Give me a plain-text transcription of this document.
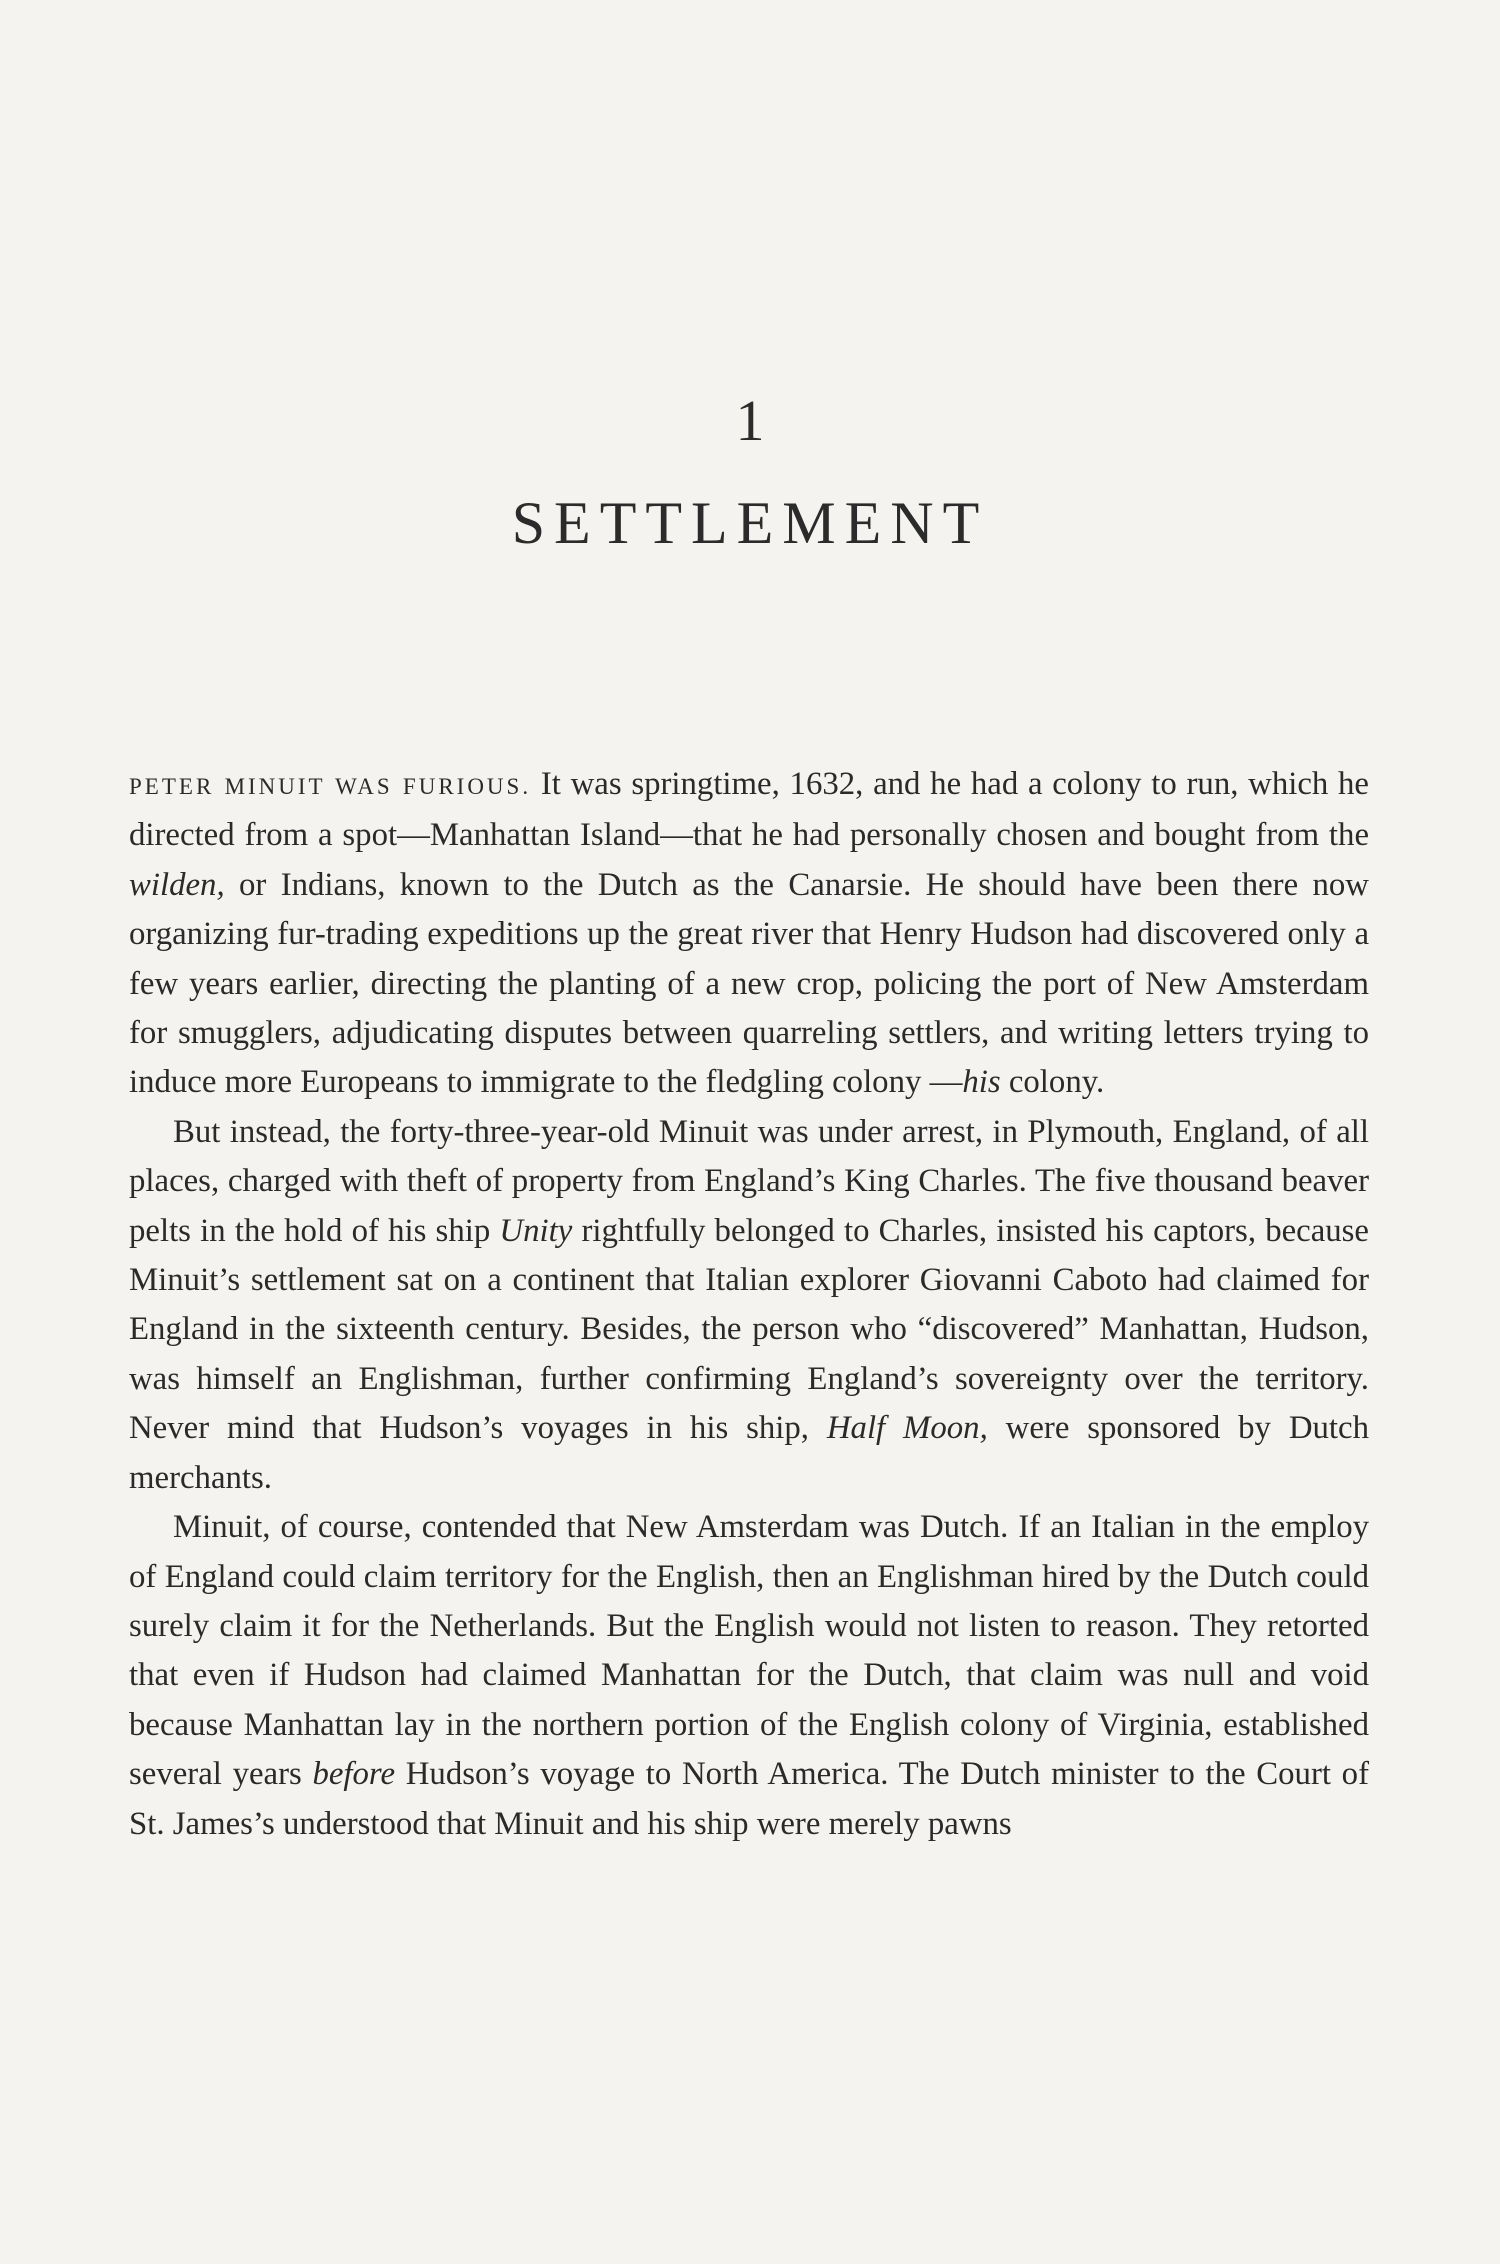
1
SETTLEMENT

PETER MINUIT WAS FURIOUS. It was springtime, 1632, and he had a colony to run, which he directed from a spot—Manhattan Island—that he had personally chosen and bought from the wilden, or Indians, known to the Dutch as the Canarsie. He should have been there now organizing fur-trading expeditions up the great river that Henry Hudson had discovered only a few years earlier, directing the planting of a new crop, policing the port of New Amsterdam for smugglers, adjudicating disputes between quarreling settlers, and writing letters trying to induce more Europeans to immigrate to the fledgling colony —his colony.

But instead, the forty-three-year-old Minuit was under arrest, in Plymouth, England, of all places, charged with theft of property from England’s King Charles. The five thousand beaver pelts in the hold of his ship Unity rightfully belonged to Charles, insisted his captors, because Minuit’s settlement sat on a continent that Italian explorer Giovanni Caboto had claimed for England in the sixteenth century. Besides, the person who “discovered” Manhattan, Hudson, was himself an Englishman, further confirming England’s sovereignty over the territory. Never mind that Hudson’s voyages in his ship, Half Moon, were sponsored by Dutch merchants.

Minuit, of course, contended that New Amsterdam was Dutch. If an Italian in the employ of England could claim territory for the English, then an Englishman hired by the Dutch could surely claim it for the Netherlands. But the English would not listen to reason. They retorted that even if Hudson had claimed Manhattan for the Dutch, that claim was null and void because Manhattan lay in the northern portion of the English colony of Virginia, established several years before Hudson’s voyage to North America. The Dutch minister to the Court of St. James’s understood that Minuit and his ship were merely pawns
